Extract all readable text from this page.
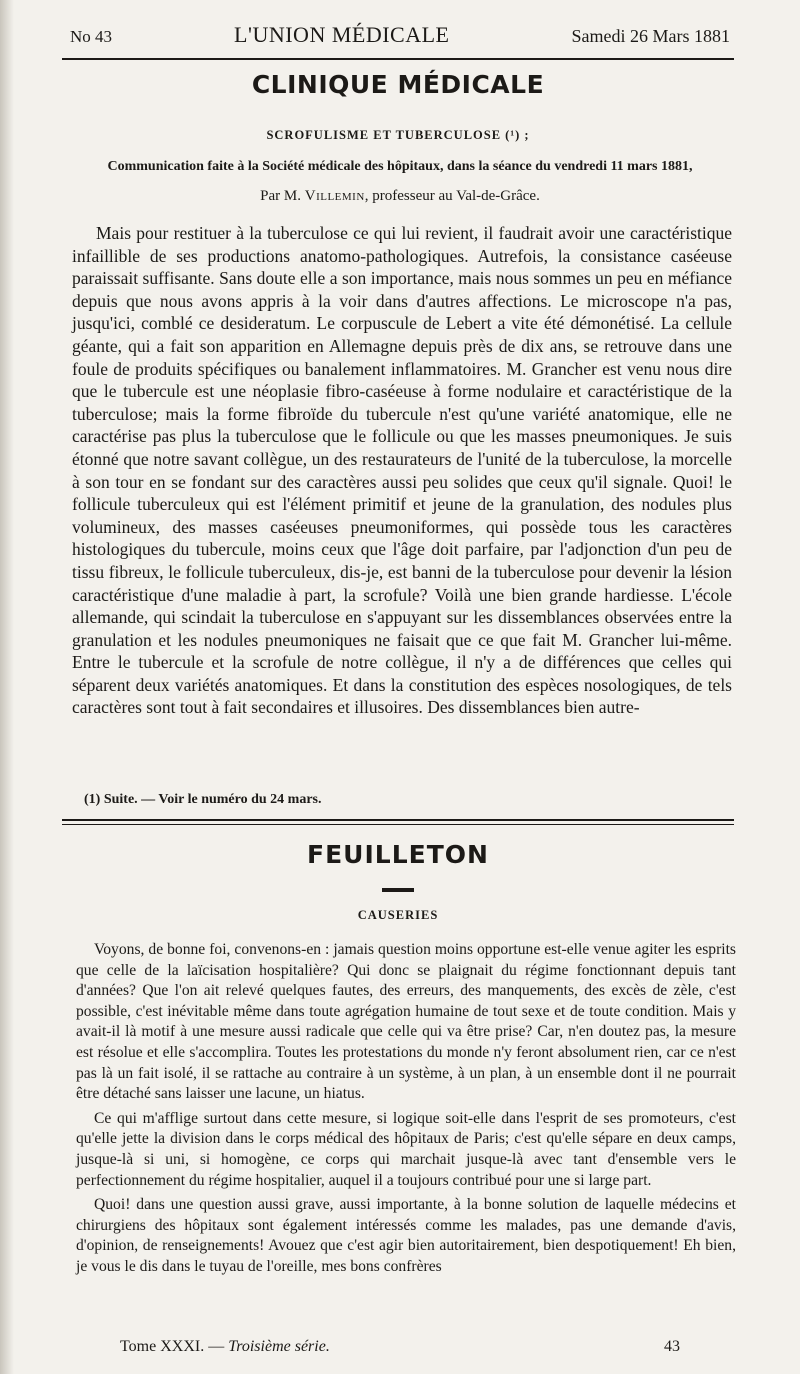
No 43	L'UNION MÉDICALE	Samedi 26 Mars 1881
CLINIQUE MÉDICALE
SCROFULISME ET TUBERCULOSE (¹) ;
Communication faite à la Société médicale des hôpitaux, dans la séance du vendredi 11 mars 1881,
Par M. Villemin, professeur au Val-de-Grâce.
Mais pour restituer à la tuberculose ce qui lui revient, il faudrait avoir une caractéristique infaillible de ses productions anatomo-pathologiques. Autrefois, la consistance caséeuse paraissait suffisante. Sans doute elle a son importance, mais nous sommes un peu en méfiance depuis que nous avons appris à la voir dans d'autres affections. Le microscope n'a pas, jusqu'ici, comblé ce desideratum. Le corpuscule de Lebert a vite été démonétisé. La cellule géante, qui a fait son apparition en Allemagne depuis près de dix ans, se retrouve dans une foule de produits spécifiques ou banalement inflammatoires. M. Grancher est venu nous dire que le tubercule est une néoplasie fibro-caséeuse à forme nodulaire et caractéristique de la tuberculose; mais la forme fibroïde du tubercule n'est qu'une variété anatomique, elle ne caractérise pas plus la tuberculose que le follicule ou que les masses pneumoniques. Je suis étonné que notre savant collègue, un des restaurateurs de l'unité de la tuberculose, la morcelle à son tour en se fondant sur des caractères aussi peu solides que ceux qu'il signale. Quoi! le follicule tuberculeux qui est l'élément primitif et jeune de la granulation, des nodules plus volumineux, des masses caséeuses pneumoniformes, qui possède tous les caractères histologiques du tubercule, moins ceux que l'âge doit parfaire, par l'adjonction d'un peu de tissu fibreux, le follicule tuberculeux, dis-je, est banni de la tuberculose pour devenir la lésion caractéristique d'une maladie à part, la scrofule? Voilà une bien grande hardiesse. L'école allemande, qui scindait la tuberculose en s'appuyant sur les dissemblances observées entre la granulation et les nodules pneumoniques ne faisait que ce que fait M. Grancher lui-même. Entre le tubercule et la scrofule de notre collègue, il n'y a de différences que celles qui séparent deux variétés anatomiques. Et dans la constitution des espèces nosologiques, de tels caractères sont tout à fait secondaires et illusoires. Des dissemblances bien autre-
(1) Suite. — Voir le numéro du 24 mars.
FEUILLETON
CAUSERIES

Voyons, de bonne foi, convenons-en : jamais question moins opportune est-elle venue agiter les esprits que celle de la laïcisation hospitalière? Qui donc se plaignait du régime fonctionnant depuis tant d'années? Que l'on ait relevé quelques fautes, des erreurs, des manquements, des excès de zèle, c'est possible, c'est inévitable même dans toute agrégation humaine de tout sexe et de toute condition. Mais y avait-il là motif à une mesure aussi radicale que celle qui va être prise? Car, n'en doutez pas, la mesure est résolue et elle s'accomplira. Toutes les protestations du monde n'y feront absolument rien, car ce n'est pas là un fait isolé, il se rattache au contraire à un système, à un plan, à un ensemble dont il ne pourrait être détaché sans laisser une lacune, un hiatus.

Ce qui m'afflige surtout dans cette mesure, si logique soit-elle dans l'esprit de ses promoteurs, c'est qu'elle jette la division dans le corps médical des hôpitaux de Paris; c'est qu'elle sépare en deux camps, jusque-là si uni, si homogène, ce corps qui marchait jusque-là avec tant d'ensemble vers le perfectionnement du régime hospitalier, auquel il a toujours contribué pour une si large part.

Quoi! dans une question aussi grave, aussi importante, à la bonne solution de laquelle médecins et chirurgiens des hôpitaux sont également intéressés comme les malades, pas une demande d'avis, d'opinion, de renseignements! Avouez que c'est agir bien autoritairement, bien despotiquement! Eh bien, je vous le dis dans le tuyau de l'oreille, mes bons confrères

Tome XXXI. — Troisième série.	43
